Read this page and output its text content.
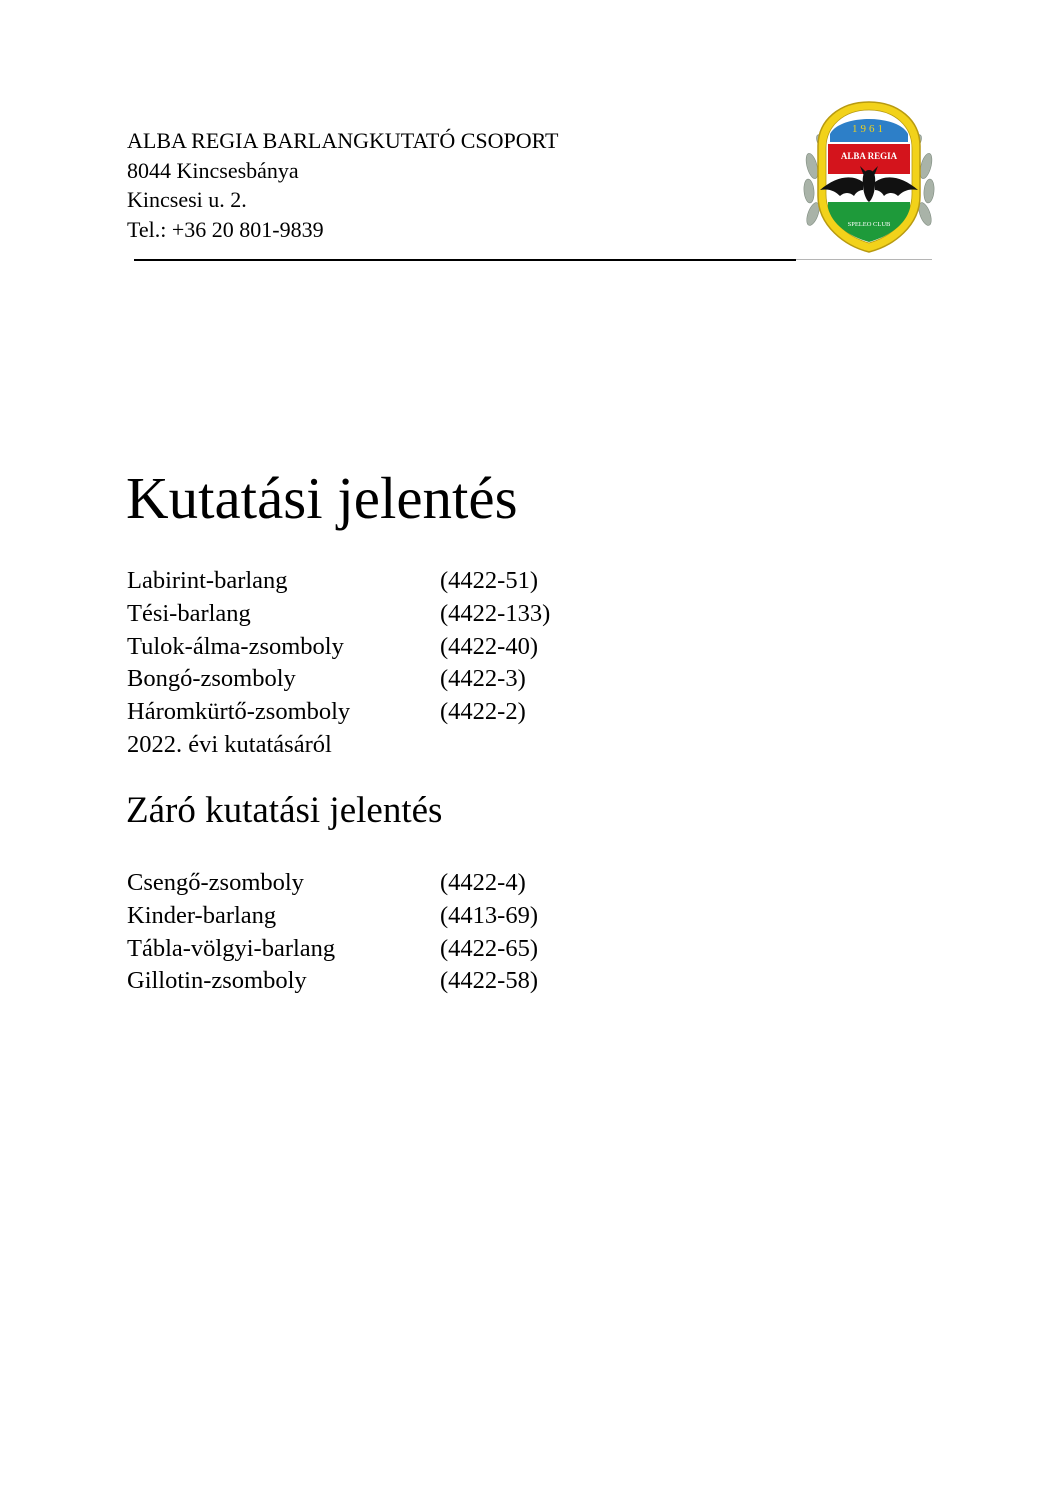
ALBA REGIA BARLANGKUTATÓ CSOPORT
8044 Kincsesbánya
Kincsesi u. 2.
Tel.: +36 20 801-9839
1961
ALBA REGIA
SPELEO CLUB
Kutatási jelentés
Labirint-barlang	(4422-51)
Tési-barlang	(4422-133)
Tulok-álma-zsomboly	(4422-40)
Bongó-zsomboly	(4422-3)
Háromkürtő-zsomboly	(4422-2)
2022. évi kutatásáról
Záró kutatási jelentés
Csengő-zsomboly	(4422-4)
Kinder-barlang	(4413-69)
Tábla-völgyi-barlang	(4422-65)
Gillotin-zsomboly	(4422-58)
